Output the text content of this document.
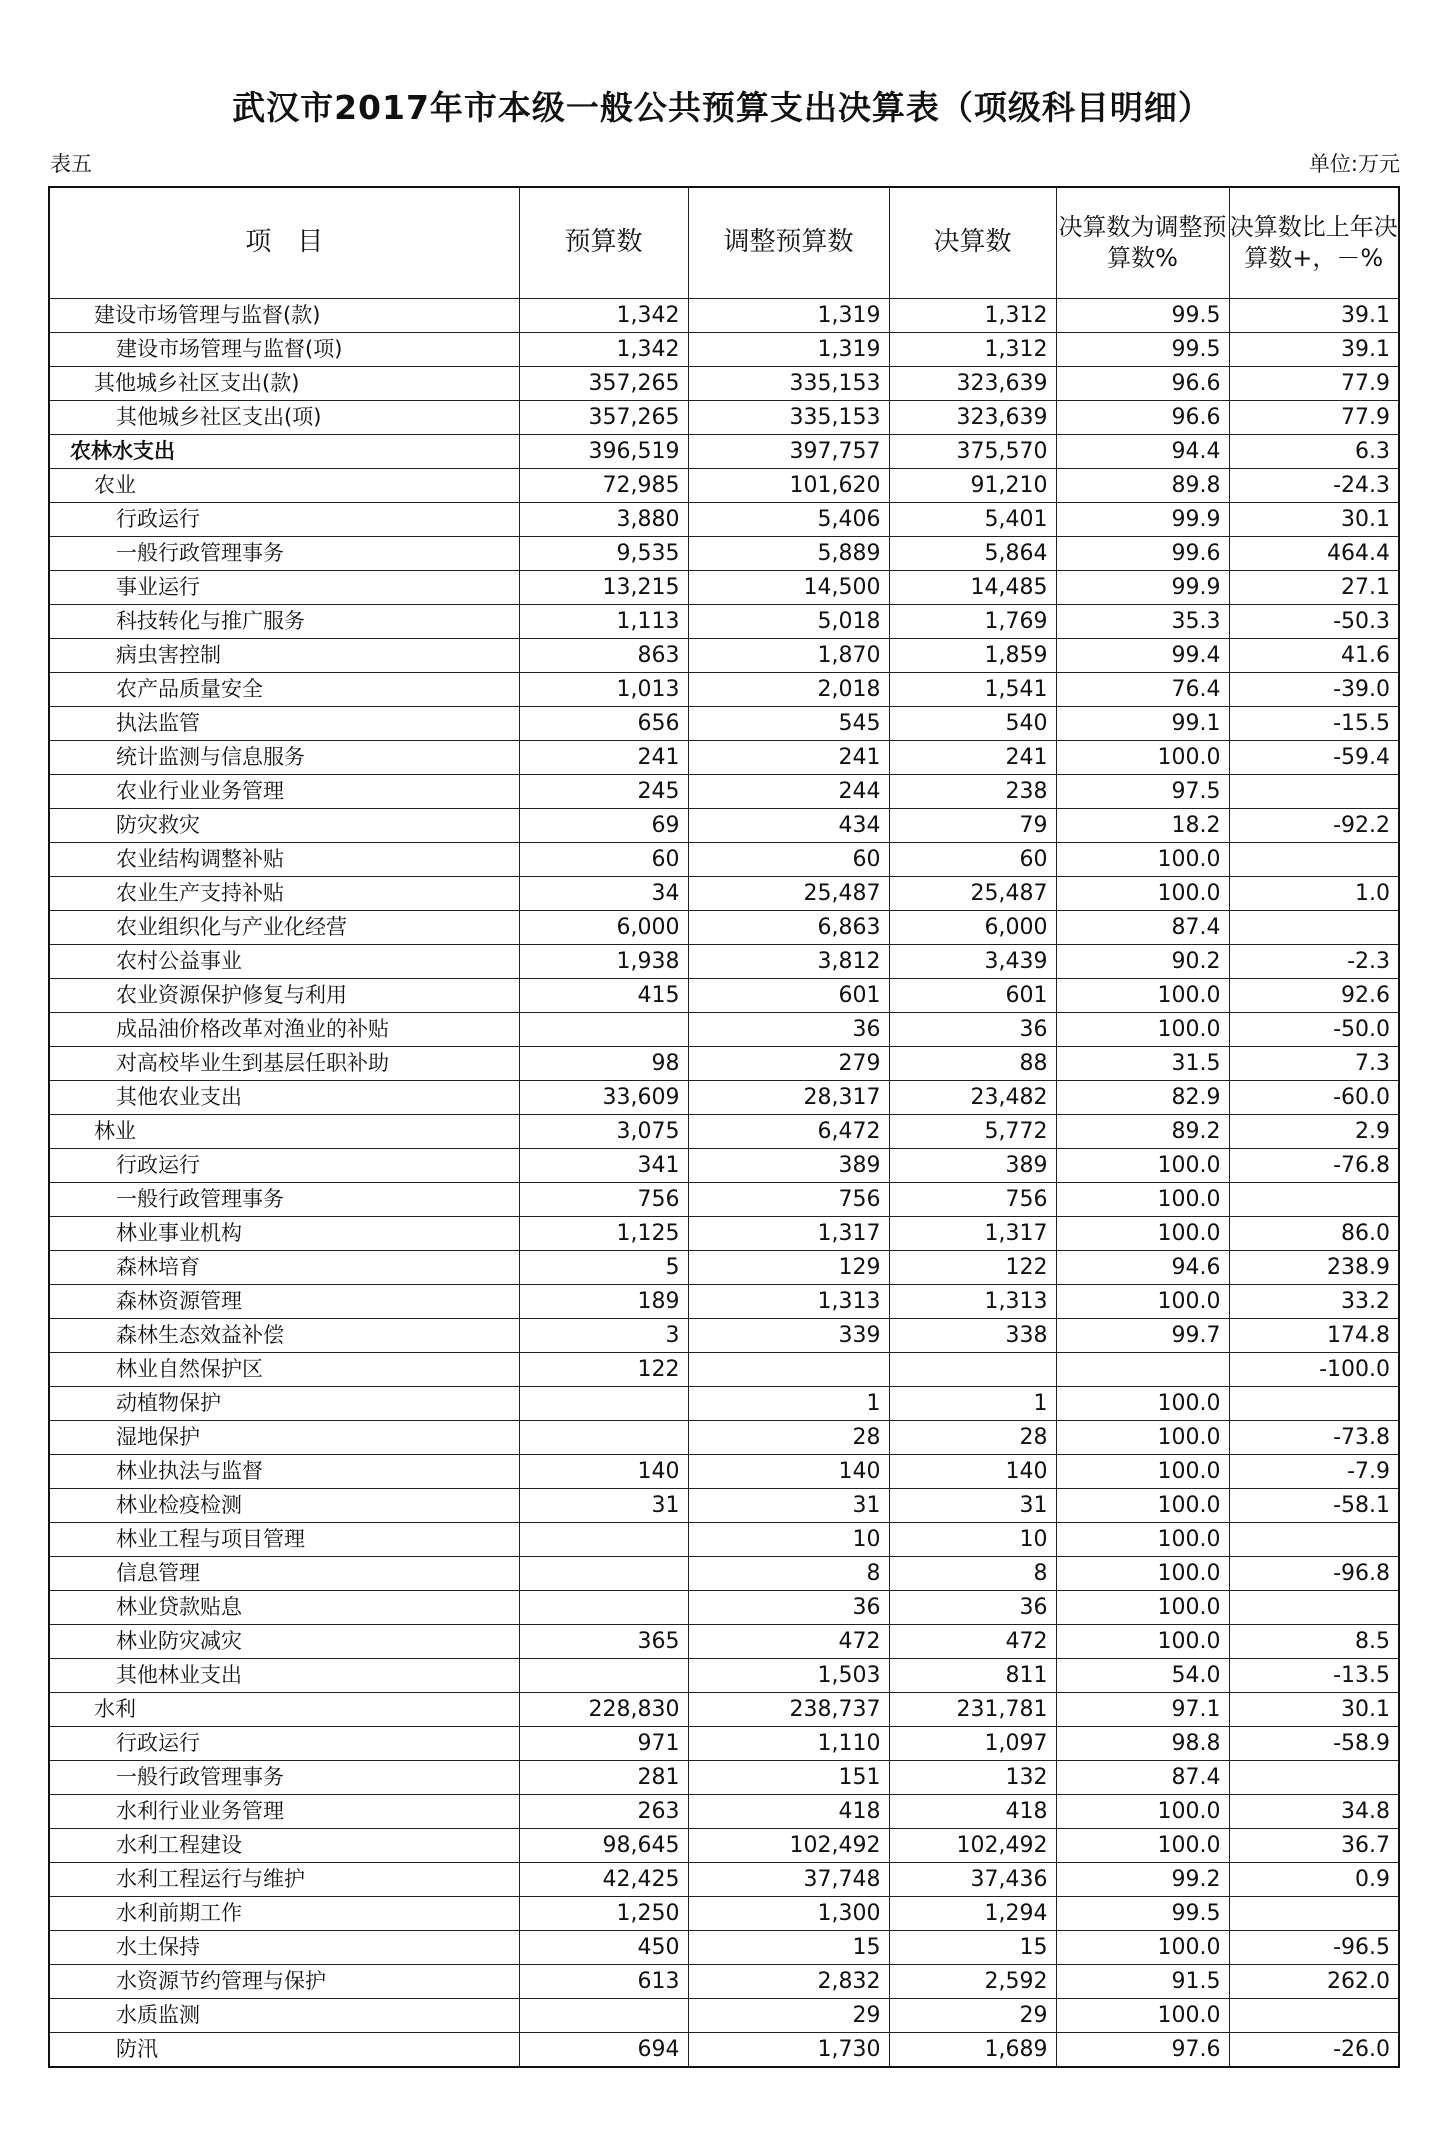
武汉市2017年市本级一般公共预算支出决算表（项级科目明细）
表五	单位:万元
项　目	预算数	调整预算数	决算数	决算数为调整预算数%	决算数比上年决算数+，－%
建设市场管理与监督(款)	1,342	1,319	1,312	99.5	39.1
建设市场管理与监督(项)	1,342	1,319	1,312	99.5	39.1
其他城乡社区支出(款)	357,265	335,153	323,639	96.6	77.9
其他城乡社区支出(项)	357,265	335,153	323,639	96.6	77.9
农林水支出	396,519	397,757	375,570	94.4	6.3
农业	72,985	101,620	91,210	89.8	-24.3
行政运行	3,880	5,406	5,401	99.9	30.1
一般行政管理事务	9,535	5,889	5,864	99.6	464.4
事业运行	13,215	14,500	14,485	99.9	27.1
科技转化与推广服务	1,113	5,018	1,769	35.3	-50.3
病虫害控制	863	1,870	1,859	99.4	41.6
农产品质量安全	1,013	2,018	1,541	76.4	-39.0
执法监管	656	545	540	99.1	-15.5
统计监测与信息服务	241	241	241	100.0	-59.4
农业行业业务管理	245	244	238	97.5	
防灾救灾	69	434	79	18.2	-92.2
农业结构调整补贴	60	60	60	100.0	
农业生产支持补贴	34	25,487	25,487	100.0	1.0
农业组织化与产业化经营	6,000	6,863	6,000	87.4	
农村公益事业	1,938	3,812	3,439	90.2	-2.3
农业资源保护修复与利用	415	601	601	100.0	92.6
成品油价格改革对渔业的补贴		36	36	100.0	-50.0
对高校毕业生到基层任职补助	98	279	88	31.5	7.3
其他农业支出	33,609	28,317	23,482	82.9	-60.0
林业	3,075	6,472	5,772	89.2	2.9
行政运行	341	389	389	100.0	-76.8
一般行政管理事务	756	756	756	100.0	
林业事业机构	1,125	1,317	1,317	100.0	86.0
森林培育	5	129	122	94.6	238.9
森林资源管理	189	1,313	1,313	100.0	33.2
森林生态效益补偿	3	339	338	99.7	174.8
林业自然保护区	122				-100.0
动植物保护		1	1	100.0	
湿地保护		28	28	100.0	-73.8
林业执法与监督	140	140	140	100.0	-7.9
林业检疫检测	31	31	31	100.0	-58.1
林业工程与项目管理		10	10	100.0	
信息管理		8	8	100.0	-96.8
林业贷款贴息		36	36	100.0	
林业防灾减灾	365	472	472	100.0	8.5
其他林业支出		1,503	811	54.0	-13.5
水利	228,830	238,737	231,781	97.1	30.1
行政运行	971	1,110	1,097	98.8	-58.9
一般行政管理事务	281	151	132	87.4	
水利行业业务管理	263	418	418	100.0	34.8
水利工程建设	98,645	102,492	102,492	100.0	36.7
水利工程运行与维护	42,425	37,748	37,436	99.2	0.9
水利前期工作	1,250	1,300	1,294	99.5	
水土保持	450	15	15	100.0	-96.5
水资源节约管理与保护	613	2,832	2,592	91.5	262.0
水质监测		29	29	100.0	
防汛	694	1,730	1,689	97.6	-26.0
